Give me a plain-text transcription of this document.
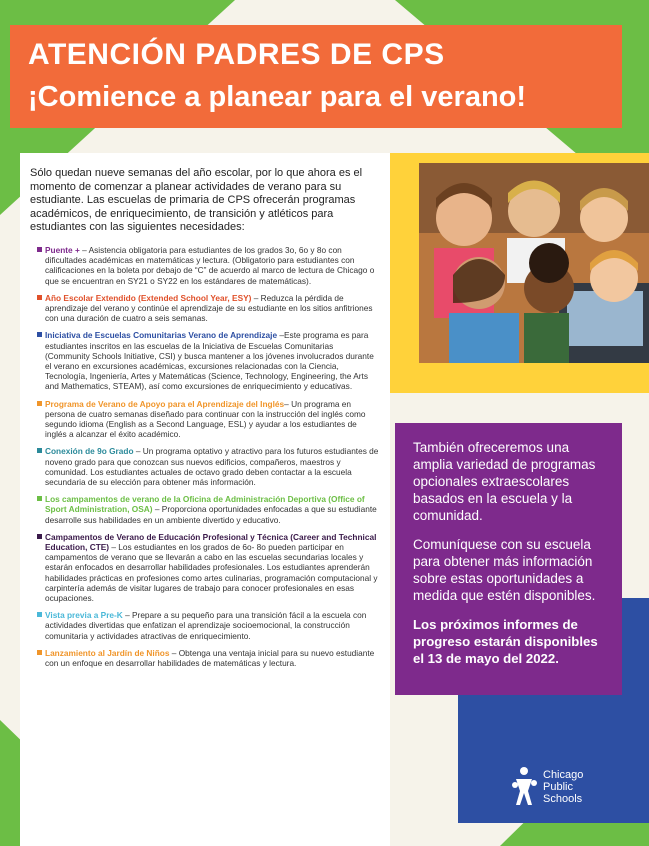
ATENCIÓN PADRES DE CPS
¡Comience a planear para el verano!

Sólo quedan nueve semanas del año escolar, por lo que ahora es el momento de comenzar a planear actividades de verano para su estudiante. Las escuelas de primaria de CPS ofrecerán programas académicos, de enriquecimiento, de transición y atléticos para estudiantes con las siguientes necesidades:

Puente + – Asistencia obligatoria para estudiantes de los grados 3o, 6o y 8o con dificultades académicas en matemáticas y lectura. (Obligatorio para estudiantes con calificaciones en la boleta por debajo de “C” de acuerdo al marco de lectura de Chicago o que se encuentran en SY21 o SY22 en los estándares de matemáticas).
Año Escolar Extendido (Extended School Year, ESY) – Reduzca la pérdida de aprendizaje del verano y continúe el aprendizaje de su estudiante en los sitios anfitriones con una duración de cuatro a seis semanas.
Iniciativa de Escuelas Comunitarias Verano de Aprendizaje –Este programa es para estudiantes inscritos en las escuelas de la Iniciativa de Escuelas Comunitarias (Community Schools Initiative, CSI) y busca mantener a los jóvenes involucrados durante el verano en excursiones académicas, excursiones relacionadas con la Ciencia, Tecnología, Ingeniería, Artes y Matemáticas (Science, Technology, Engineering, the Arts and Mathematics, STEAM), así como excursiones de enriquecimiento y educativas.
Programa de Verano de Apoyo para el Aprendizaje del Inglés– Un programa en persona de cuatro semanas diseñado para continuar con la instrucción del inglés como segundo idioma (English as a Second Language, ESL) y ayudar a los estudiantes de inglés a alcanzar el éxito académico.
Conexión de 9o Grado – Un programa optativo y atractivo para los futuros estudiantes de noveno grado para que conozcan sus nuevos edificios, compañeros, maestros y comunidad. Los estudiantes actuales de octavo grado deben contactar a la escuela secundaria de su elección para obtener más información.
Los campamentos de verano de la Oficina de Administración Deportiva (Office of Sport Administration, OSA) – Proporciona oportunidades enfocadas a que su estudiante desarrolle sus habilidades en un ambiente divertido y educativo.
Campamentos de Verano de Educación Profesional y Técnica (Career and Technical Education, CTE) – Los estudiantes en los grados de 6o- 8o pueden participar en campamentos de verano que se llevarán a cabo en las escuelas secundarias locales y estarán enfocados en desarrollar habilidades profesionales. Los estudiantes aprenderán habilidades prácticas en profesiones como artes culinarias, programación computacional y carpintería además de visitar lugares de trabajo para conocer profesionales en esas ocupaciones.
Vista previa a Pre-K – Prepare a su pequeño para una transición fácil a la escuela con actividades divertidas que enfatizan el aprendizaje socioemocional, la construcción comunitaria y actividades atractivas de enriquecimiento.
Lanzamiento al Jardín de Niños – Obtenga una ventaja inicial para su nuevo estudiante con un enfoque en desarrollar habilidades de matemáticas y lectura.

También ofreceremos una amplia variedad de programas opcionales extraescolares basados en la escuela y la comunidad.

Comuníquese con su escuela para obtener más información sobre estas oportunidades a medida que estén disponibles.

Los próximos informes de progreso estarán disponibles el 13 de mayo del 2022.

Chicago
Public
Schools
